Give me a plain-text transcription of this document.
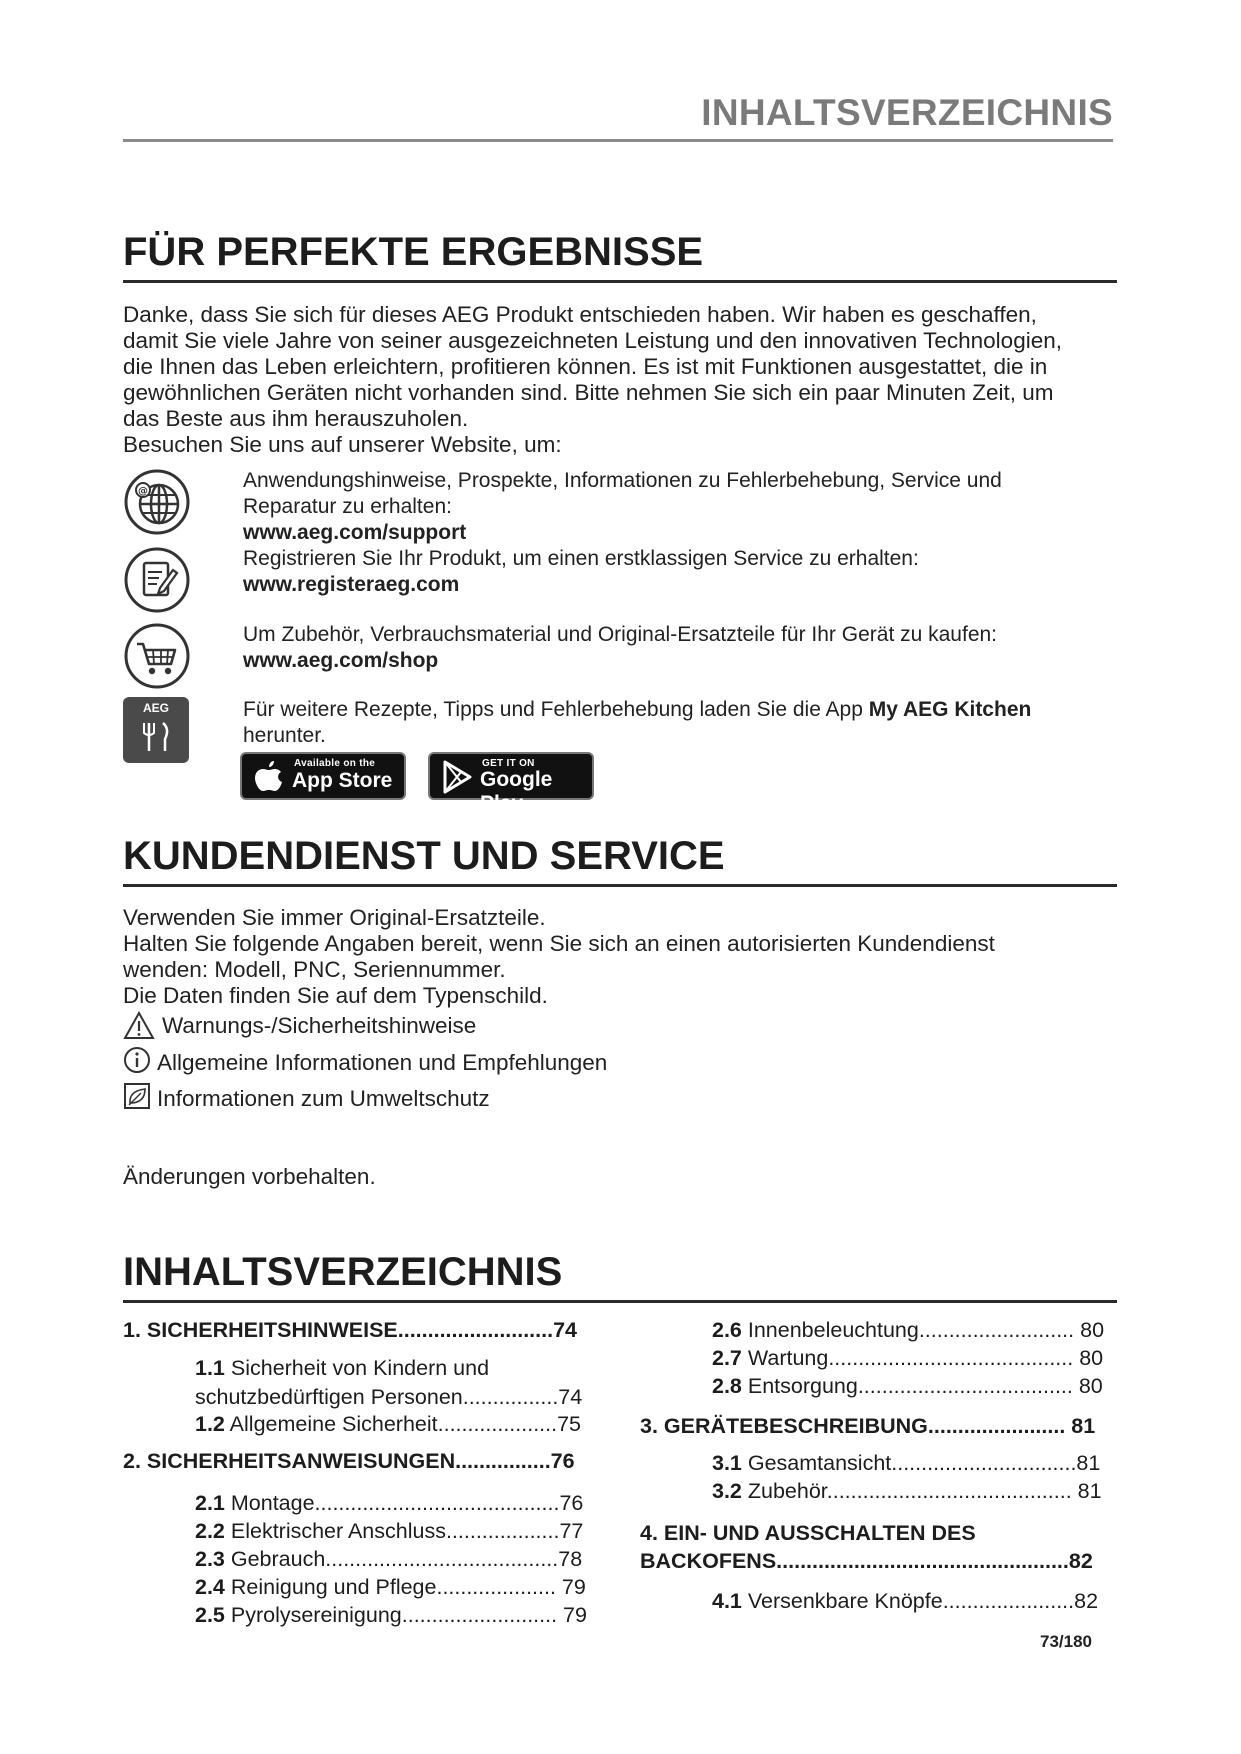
INHALTSVERZEICHNIS
FÜR PERFEKTE ERGEBNISSE

Danke, dass Sie sich für dieses AEG Produkt entschieden haben. Wir haben es geschaffen,

damit Sie viele Jahre von seiner ausgezeichneten Leistung und den innovativen Technologien,

die Ihnen das Leben erleichtern, profitieren können. Es ist mit Funktionen ausgestattet, die in

gewöhnlichen Geräten nicht vorhanden sind. Bitte nehmen Sie sich ein paar Minuten Zeit, um

das Beste aus ihm herauszuholen.

Besuchen Sie uns auf unserer Website, um:

@	Anwendungshinweise, Prospekte, Informationen zu Fehlerbehebung, Service und
Reparatur zu erhalten:
www.aeg.com/support
Registrieren Sie Ihr Produkt, um einen erstklassigen Service zu erhalten:
www.registeraeg.com
Um Zubehör, Verbrauchsmaterial und Original-Ersatzteile für Ihr Gerät zu kaufen:
www.aeg.com/shop
AEG	Für weitere Rezepte, Tipps und Fehlerbehebung laden Sie die App My AEG Kitchen
herunter.
Available on the
App Store
GET IT ON
Google Play
KUNDENDIENST UND SERVICE

Verwenden Sie immer Original-Ersatzteile.

Halten Sie folgende Angaben bereit, wenn Sie sich an einen autorisierten Kundendienst

wenden: Modell, PNC, Seriennummer.

Die Daten finden Sie auf dem Typenschild.

Warnungs-/Sicherheitshinweise
Allgemeine Informationen und Empfehlungen
Informationen zum Umweltschutz
Änderungen vorbehalten.
INHALTSVERZEICHNIS
1. SICHERHEITSHINWEISE..........................74
1.1 Sicherheit von Kindern und
schutzbedürftigen Personen................74
1.2 Allgemeine Sicherheit....................75
2. SICHERHEITSANWEISUNGEN................76
2.1 Montage.........................................76
2.2 Elektrischer Anschluss...................77
2.3 Gebrauch.......................................78
2.4 Reinigung und Pflege.................... 79
2.5 Pyrolysereinigung.......................... 79
2.6 Innenbeleuchtung.......................... 80
2.7 Wartung......................................... 80
2.8 Entsorgung.................................... 80
3. GERÄTEBESCHREIBUNG....................... 81
3.1 Gesamtansicht...............................81
3.2 Zubehör......................................... 81
4. EIN- UND AUSSCHALTEN DES
BACKOFENS.................................................82
4.1 Versenkbare Knöpfe......................82
73/180
